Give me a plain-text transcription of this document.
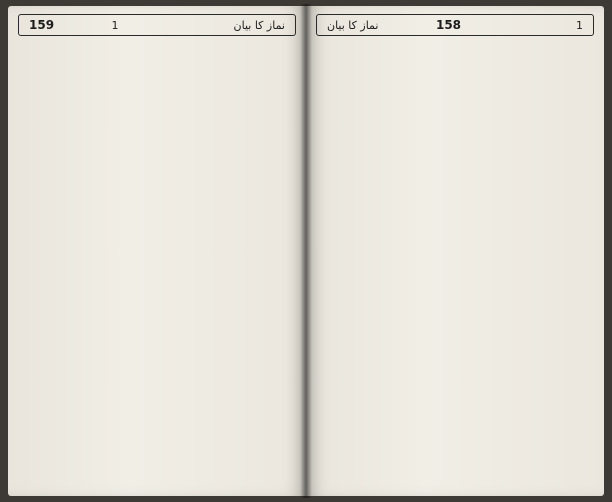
159	1	نماز کا بیان	نماز کا بیان	158	1
